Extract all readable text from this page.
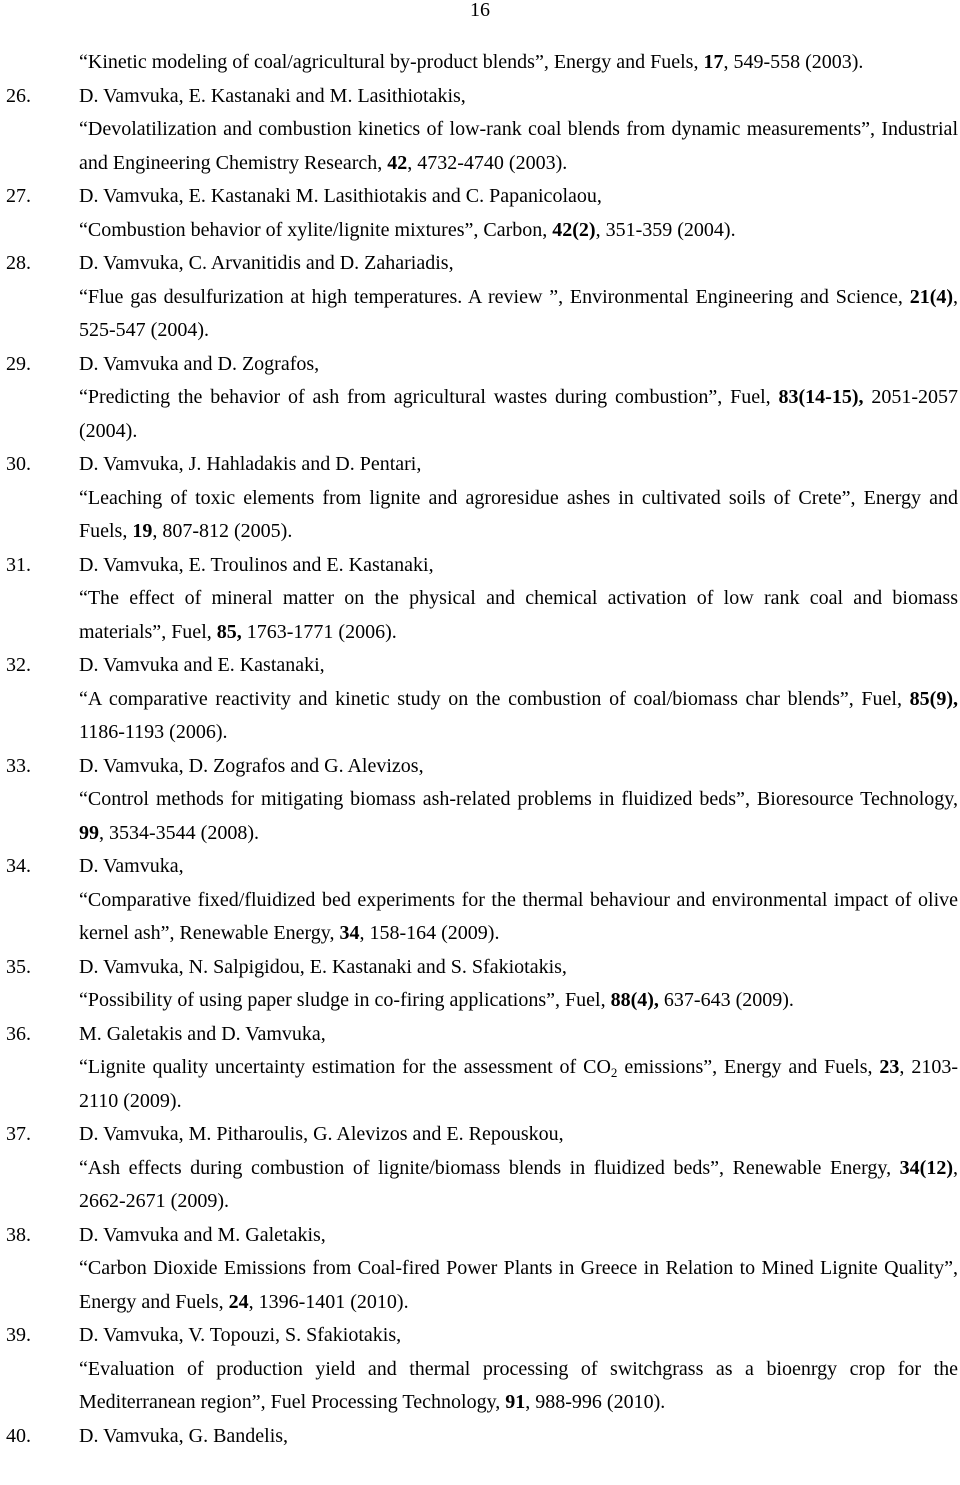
16
“Kinetic modeling of coal/agricultural by-product blends”, Energy and Fuels, 17, 549-558 (2003).
26.	D. Vamvuka, E. Kastanaki and M. Lasithiotakis,
“Devolatilization and combustion kinetics of low-rank coal blends from dynamic measurements”, Industrial and Engineering Chemistry Research, 42, 4732-4740 (2003).
27.	D. Vamvuka, E. Kastanaki M. Lasithiotakis and C. Papanicolaou,
“Combustion behavior of xylite/lignite mixtures”, Carbon, 42(2), 351-359 (2004).
28.	D. Vamvuka, C. Arvanitidis and D. Zahariadis,
“Flue gas desulfurization at high temperatures. A review ”, Environmental Engineering and Science, 21(4), 525-547 (2004).
29.	D. Vamvuka and D. Zografos,
“Predicting the behavior of ash from agricultural wastes during combustion”, Fuel, 83(14-15), 2051-2057 (2004).
30.	D. Vamvuka, J. Hahladakis and D. Pentari,
“Leaching of toxic elements from lignite and agroresidue ashes in cultivated soils of Crete”, Energy and Fuels, 19, 807-812 (2005).
31.	D. Vamvuka, E. Troulinos and E. Kastanaki,
“The effect of mineral matter on the physical and chemical activation of low rank coal and biomass materials”, Fuel, 85, 1763-1771 (2006).
32.	D. Vamvuka and E. Kastanaki,
“A comparative reactivity and kinetic study on the combustion of coal/biomass char blends”, Fuel, 85(9), 1186-1193 (2006).
33.	D. Vamvuka, D. Zografos and G. Alevizos,
“Control methods for mitigating biomass ash-related problems in fluidized beds”, Bioresource Technology, 99, 3534-3544 (2008).
34.	D. Vamvuka,
“Comparative fixed/fluidized bed experiments for the thermal behaviour and environmental impact of olive kernel ash”, Renewable Energy, 34, 158-164 (2009).
35.	D. Vamvuka, N. Salpigidou, E. Kastanaki and S. Sfakiotakis,
“Possibility of using paper sludge in co-firing applications”, Fuel, 88(4), 637-643 (2009).
36.	M. Galetakis and D. Vamvuka,
“Lignite quality uncertainty estimation for the assessment of $CO_2$ emissions”, Energy and Fuels, 23, 2103-2110 (2009).
37.	D. Vamvuka, M. Pitharoulis, G. Alevizos and E. Repouskou,
“Ash effects during combustion of lignite/biomass blends in fluidized beds”, Renewable Energy, 34(12), 2662-2671 (2009).
38.	D. Vamvuka and M. Galetakis,
“Carbon Dioxide Emissions from Coal-fired Power Plants in Greece in Relation to Mined Lignite Quality”, Energy and Fuels, 24, 1396-1401 (2010).
39.	D. Vamvuka, V. Topouzi, S. Sfakiotakis,
“Evaluation of production yield and thermal processing of switchgrass as a bioenrgy crop for the Mediterranean region”, Fuel Processing Technology, 91, 988-996 (2010).
40.	D. Vamvuka, G. Bandelis,
